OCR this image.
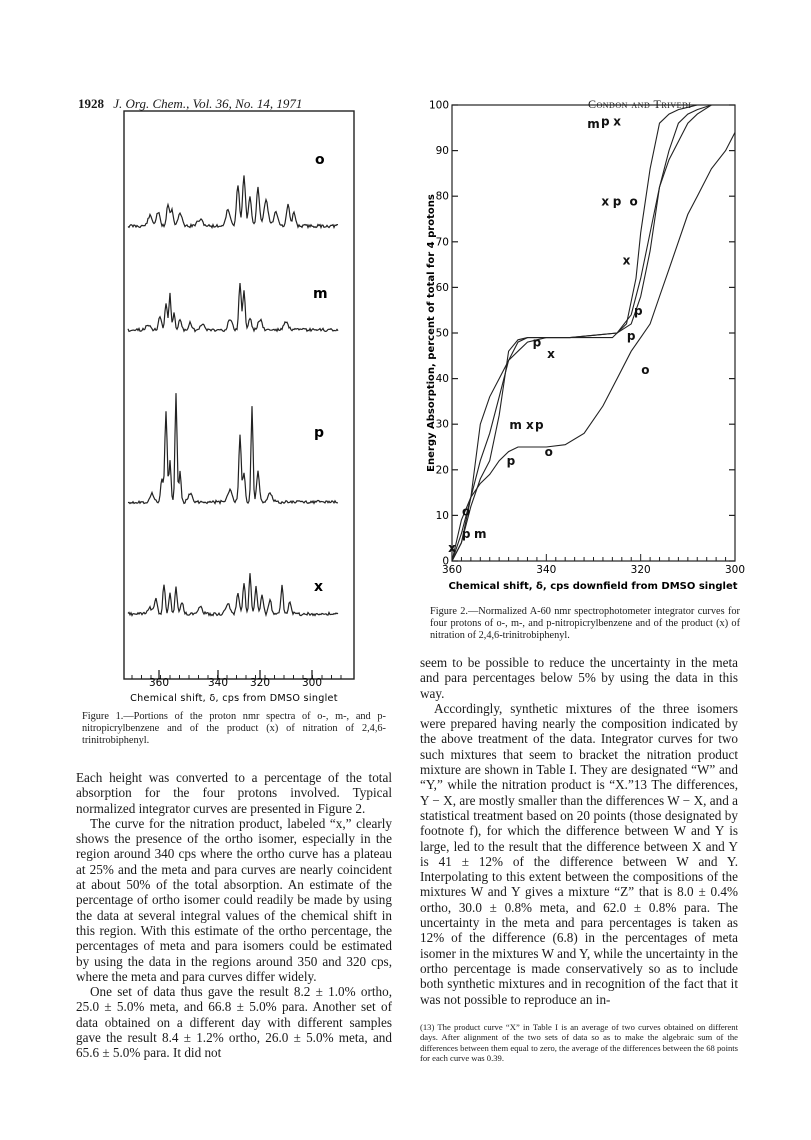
1928 J. Org. Chem., Vol. 36, No. 14, 1971	Condon and Trivedi
o
m
p
x
360	340 320	300
Chemical shift, δ, cps from DMSO singlet
Figure 1.—Portions of the proton nmr spectra of o-, m-, and p-nitropicrylbenzene and of the product (x) of nitration of 2,4,6-trinitrobiphenyl.
0
10
20
30
40
50
60
70
80
90
100
360	340	320	300
m p x
x p o
x
p
p	p
x
o
m x p
p
o
o
p
x
m
Energy Absorption, percent of total for 4 protons
Chemical shift, δ, cps downfield from DMSO singlet
Figure 2.—Normalized A-60 nmr spectrophotometer integrator curves for four protons of o-, m-, and p-nitropicrylbenzene and of the product (x) of nitration of 2,4,6-trinitrobiphenyl.

Each height was converted to a percentage of the total absorption for the four protons involved. Typical normalized integrator curves are presented in Figure 2.

The curve for the nitration product, labeled “x,” clearly shows the presence of the ortho isomer, especially in the region around 340 cps where the ortho curve has a plateau at 25% and the meta and para curves are nearly coincident at about 50% of the total absorption. An estimate of the percentage of ortho isomer could readily be made by using the data at several integral values of the chemical shift in this region. With this estimate of the ortho percentage, the percentages of meta and para isomers could be estimated by using the data in the regions around 350 and 320 cps, where the meta and para curves differ widely.

One set of data thus gave the result 8.2 ± 1.0% ortho, 25.0 ± 5.0% meta, and 66.8 ± 5.0% para. Another set of data obtained on a different day with different samples gave the result 8.4 ± 1.2% ortho, 26.0 ± 5.0% meta, and 65.6 ± 5.0% para. It did not

seem to be possible to reduce the uncertainty in the meta and para percentages below 5% by using the data in this way.

Accordingly, synthetic mixtures of the three isomers were prepared having nearly the composition indicated by the above treatment of the data. Integrator curves for two such mixtures that seem to bracket the nitration product mixture are shown in Table I. They are designated “W” and “Y,” while the nitration product is “X.”13 The differences, Y − X, are mostly smaller than the differences W − X, and a statistical treatment based on 20 points (those designated by footnote f), for which the difference between W and Y is large, led to the result that the difference between X and Y is 41 ± 12% of the difference between W and Y. Interpolating to this extent between the compositions of the mixtures W and Y gives a mixture “Z” that is 8.0 ± 0.4% ortho, 30.0 ± 0.8% meta, and 62.0 ± 0.8% para. The uncertainty in the meta and para percentages is taken as 12% of the difference (6.8) in the percentages of meta isomer in the mixtures W and Y, while the uncertainty in the ortho percentage is made conservatively so as to include both synthetic mixtures and in recognition of the fact that it was not possible to reproduce an in-

(13) The product curve “X” in Table I is an average of two curves obtained on different days. After alignment of the two sets of data so as to make the algebraic sum of the differences between them equal to zero, the average of the differences between the 68 points for each curve was 0.39.
